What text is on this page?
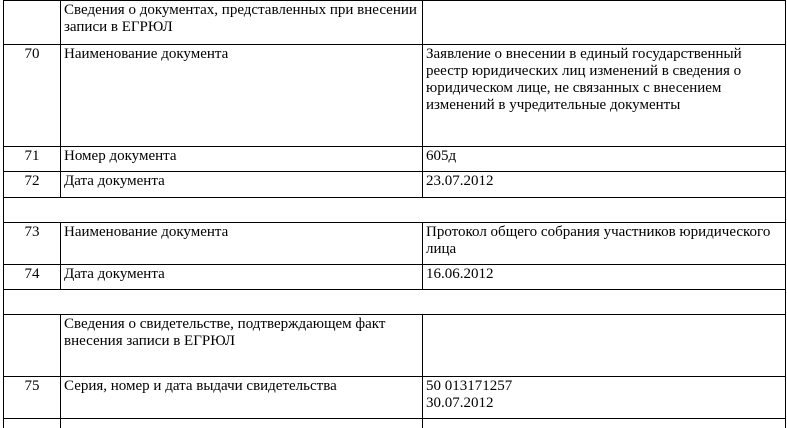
	Сведения о документах, представленных при внесении записи в ЕГРЮЛ	
70	Наименование документа	Заявление о внесении в единый государственный реестр юридических лиц изменений в сведения о юридическом лице, не связанных с внесением изменений в учредительные документы
71	Номер документа	605д
72	Дата документа	23.07.2012

73	Наименование документа	Протокол общего собрания участников юридического лица
74	Дата документа	16.06.2012

	Сведения о свидетельстве, подтверждающем факт внесения записи в ЕГРЮЛ	
75	Серия, номер и дата выдачи свидетельства	50 013171257
30.07.2012
